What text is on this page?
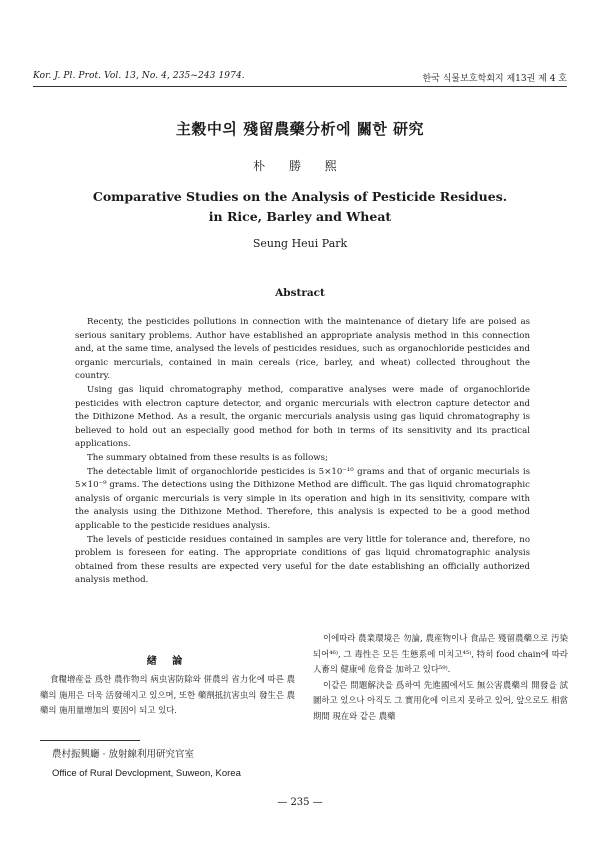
Kor. J. Pl. Prot. Vol. 13, No. 4, 235~243 1974.	한국 식물보호학회지 제13권 제 4 호
主穀中의 殘留農藥分析에 關한 研究
朴 勝 熙
Comparative Studies on the Analysis of Pesticide Residues.
in Rice, Barley and Wheat
Seung Heui Park
Abstract

Recenty, the pesticides pollutions in connection with the maintenance of dietary life are poised as serious sanitary problems. Author have established an appropriate analysis method in this connection and, at the same time, analysed the levels of pesticides residues, such as organochloride pesticides and organic mercurials, contained in main cereals (rice, barley, and wheat) collected throughout the country.

Using gas liquid chromatography method, comparative analyses were made of organochloride pesticides with electron capture detector, and organic mercurials with electron capture detector and the Dithizone Method. As a result, the organic mercurials analysis using gas liquid chromatography is believed to hold out an especially good method for both in terms of its sensitivity and its practical applications.

The summary obtained from these results is as follows;

The detectable limit of organochloride pesticides is 5×10⁻¹⁰ grams and that of organic mecurials is 5×10⁻⁹ grams. The detections using the Dithizone Method are difficult. The gas liquid chromatographic analysis of organic mercurials is very simple in its operation and high in its sensitivity, compare with the analysis using the Dithizone Method. Therefore, this analysis is expected to be a good method applicable to the pesticide residues analysis.

The levels of pesticide residues contained in samples are very little for tolerance and, therefore, no problem is foreseen for eating. The appropriate conditions of gas liquid chromatographic analysis obtained from these results are expected very useful for the date establishing an officially authorized analysis method.

緖 論

食糧增産을 爲한 農作物의 病虫害防除와 併農의 省力化에 따른 農藥의 施用은 더욱 活發해지고 있으며, 또한 藥劑抵抗害虫의 發生은 農藥의 施用量增加의 要因이 되고 있다.

이에따라 農業環境은 勿論, 農産物이나 食品은 殘留農藥으로 汚染되어⁴⁶⁾, 그 毒性은 모든 生態系에 미치고⁴⁵⁾, 特히 food chain에 따라 人畜의 健康에 危脅을 加하고 있다⁵⁹⁾.

이같은 問題解決을 爲하여 先進國에서도 無公害農藥의 開發을 試圖하고 있으나 아직도 그 實用化에 이르지 못하고 있어, 앞으로도 相當期間 現在와 같은 農藥

農村振興廳 · 放射線利用研究官室
Office of Rural Devclopment, Suweon, Korea
— 235 —
